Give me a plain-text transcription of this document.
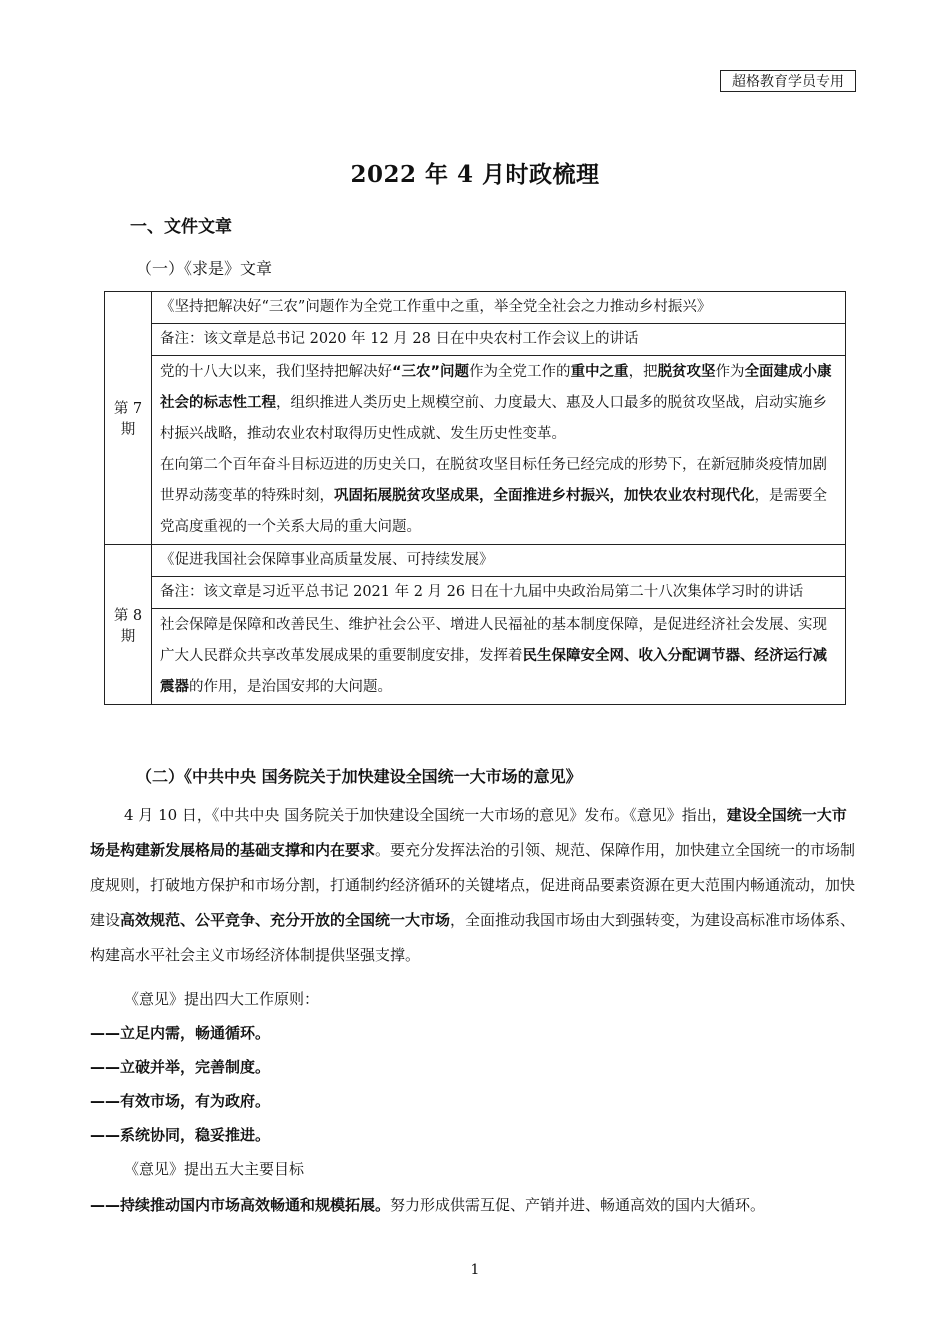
超格教育学员专用
2022 年 4 月时政梳理
一、文件文章
（一）《求是》文章
第 7 期	《坚持把解决好“三农”问题作为全党工作重中之重，举全党全社会之力推动乡村振兴》

	备注：该文章是总书记 2020 年 12 月 28 日在中央农村工作会议上的讲话

	党的十八大以来，我们坚持把解决好“三农”问题作为全党工作的重中之重，把脱贫攻坚作为全面建成小康社会的标志性工程，组织推进人类历史上规模空前、力度最大、惠及人口最多的脱贫攻坚战，启动实施乡村振兴战略，推动农业农村取得历史性成就、发生历史性变革。

在向第二个百年奋斗目标迈进的历史关口，在脱贫攻坚目标任务已经完成的形势下，在新冠肺炎疫情加剧世界动荡变革的特殊时刻，巩固拓展脱贫攻坚成果，全面推进乡村振兴，加快农业农村现代化，是需要全党高度重视的一个关系大局的重大问题。

第 8 期	《促进我国社会保障事业高质量发展、可持续发展》

	备注：该文章是习近平总书记 2021 年 2 月 26 日在十九届中央政治局第二十八次集体学习时的讲话

	社会保障是保障和改善民生、维护社会公平、增进人民福祉的基本制度保障，是促进经济社会发展、实现广大人民群众共享改革发展成果的重要制度安排，发挥着民生保障安全网、收入分配调节器、经济运行减震器的作用，是治国安邦的大问题。

（二）《中共中央 国务院关于加快建设全国统一大市场的意见》

4 月 10 日，《中共中央 国务院关于加快建设全国统一大市场的意见》发布。《意见》指出，建设全国统一大市场是构建新发展格局的基础支撑和内在要求。要充分发挥法治的引领、规范、保障作用，加快建立全国统一的市场制度规则，打破地方保护和市场分割，打通制约经济循环的关键堵点，促进商品要素资源在更大范围内畅通流动，加快建设高效规范、公平竞争、充分开放的全国统一大市场，全面推动我国市场由大到强转变，为建设高标准市场体系、构建高水平社会主义市场经济体制提供坚强支撑。

《意见》提出四大工作原则：

——立足内需，畅通循环。

——立破并举，完善制度。

——有效市场，有为政府。

——系统协同，稳妥推进。

《意见》提出五大主要目标

——持续推动国内市场高效畅通和规模拓展。努力形成供需互促、产销并进、畅通高效的国内大循环。

1
